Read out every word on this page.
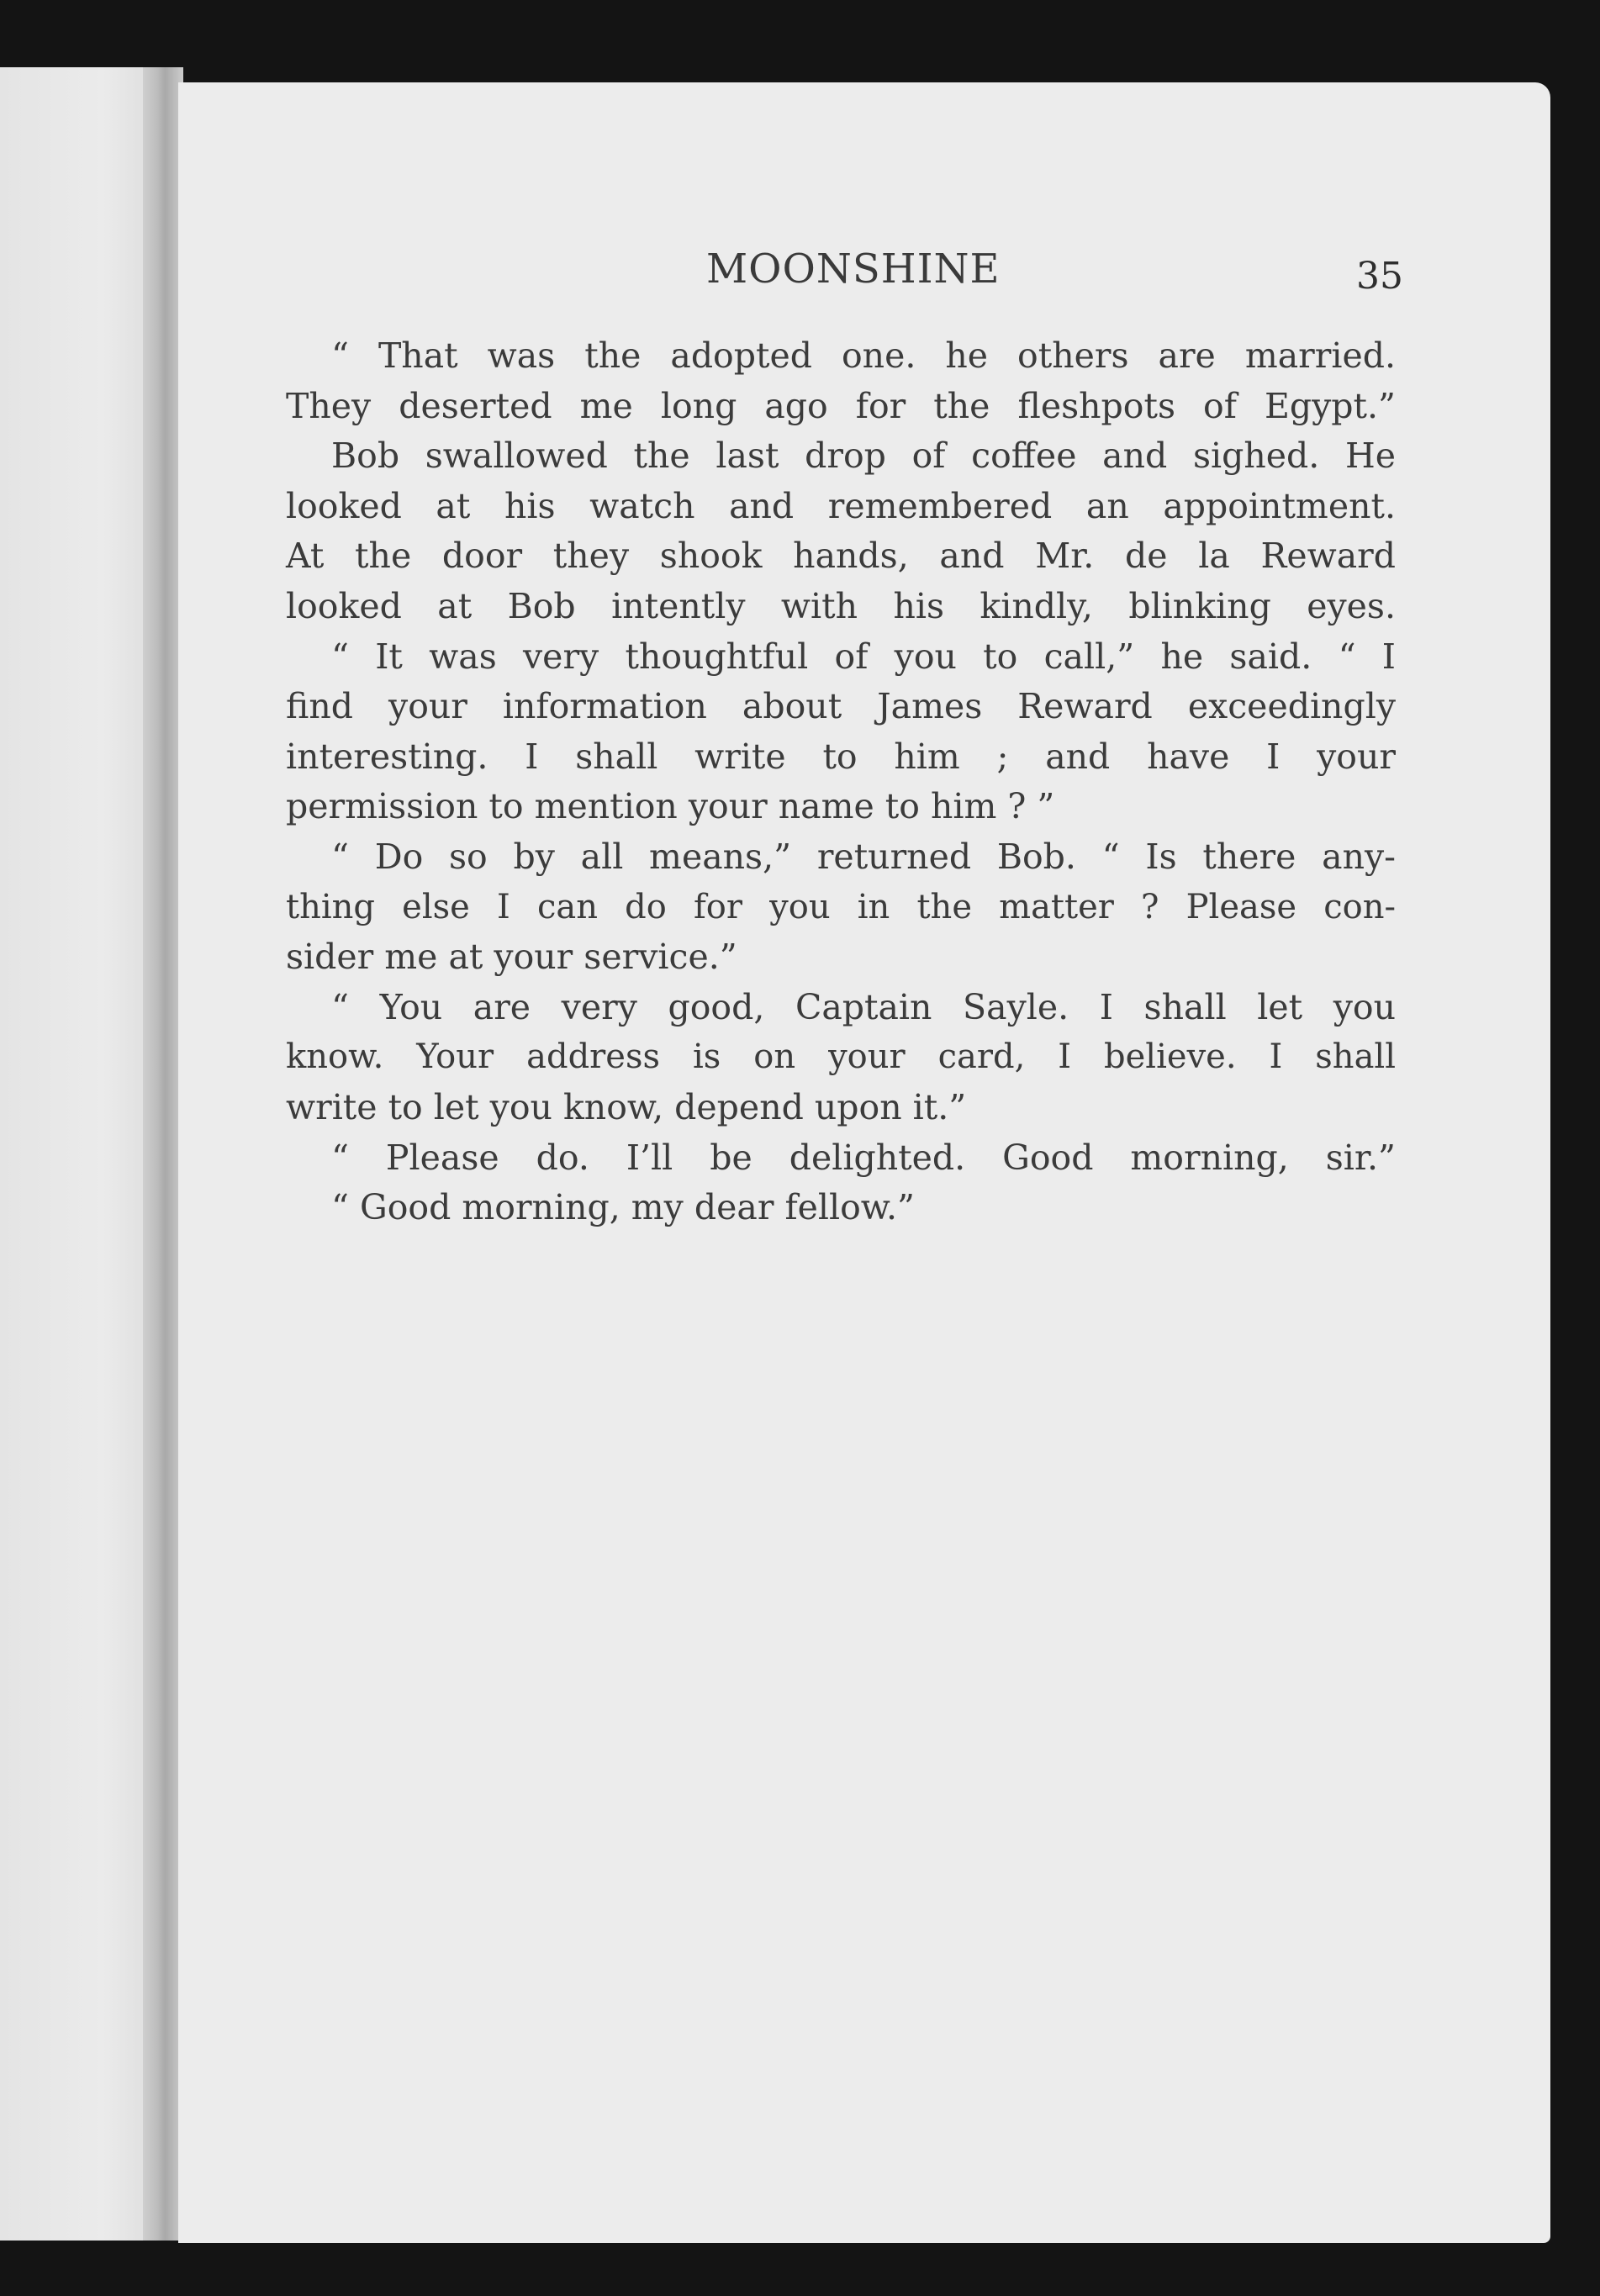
MOONSHINE	35
“ That was the adopted one. he others are married.
They deserted me long ago for the fleshpots of Egypt.”
Bob swallowed the last drop of coffee and sighed. He
looked at his watch and remembered an appointment.
At the door they shook hands, and Mr. de la Reward
looked at Bob intently with his kindly, blinking eyes.
“ It was very thoughtful of you to call,” he said. “ I
find your information about James Reward exceedingly
interesting. I shall write to him ; and have I your
permission to mention your name to him ? ”
“ Do so by all means,” returned Bob. “ Is there any-
thing else I can do for you in the matter ? Please con-
sider me at your service.”
“ You are very good, Captain Sayle. I shall let you
know. Your address is on your card, I believe. I shall
write to let you know, depend upon it.”
“ Please do. I’ll be delighted. Good morning, sir.”
“ Good morning, my dear fellow.”
